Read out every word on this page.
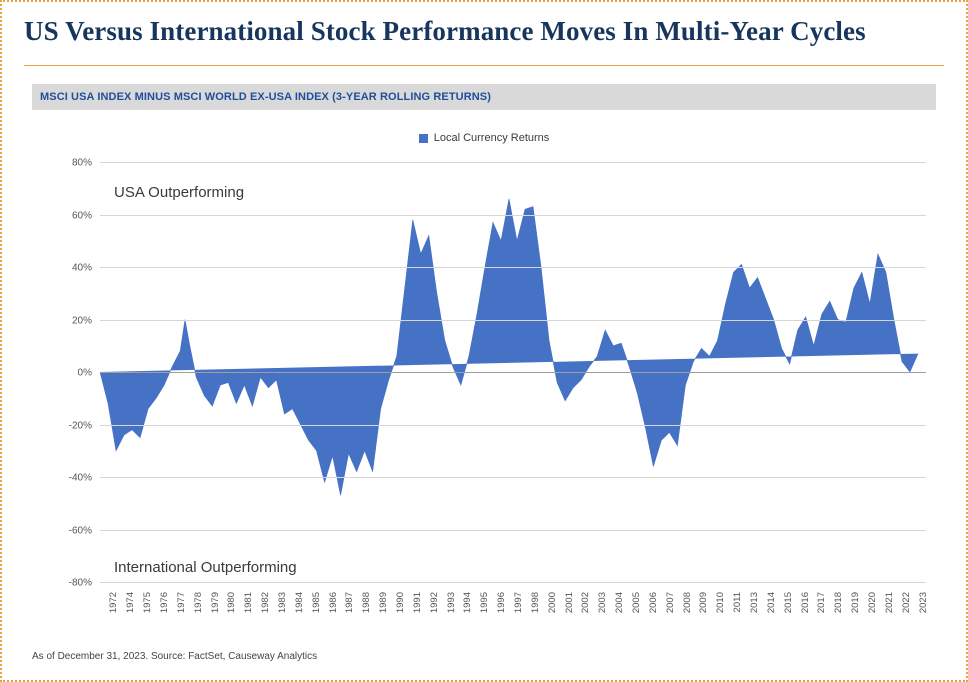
US Versus International Stock Performance Moves In Multi-Year Cycles
MSCI USA INDEX MINUS MSCI WORLD EX-USA INDEX (3-YEAR ROLLING RETURNS)
Local Currency Returns
USA Outperforming
International Outperforming
80%
60%
40%
20%
0%
-20%
-40%
-60%
-80%
1972 1974 1975 1976 1977 1978 1979 1980 1981 1982 1983 1984 1985 1986 1987 1988 1989 1990 1991 1992 1993 1994 1995 1996 1997 1998 2000 2001 2002 2003 2004 2005 2006 2007 2008 2009 2010 2011 2013 2014 2015 2016 2017 2018 2019 2020 2021 2022 2023
As of December 31, 2023. Source: FactSet, Causeway Analytics
